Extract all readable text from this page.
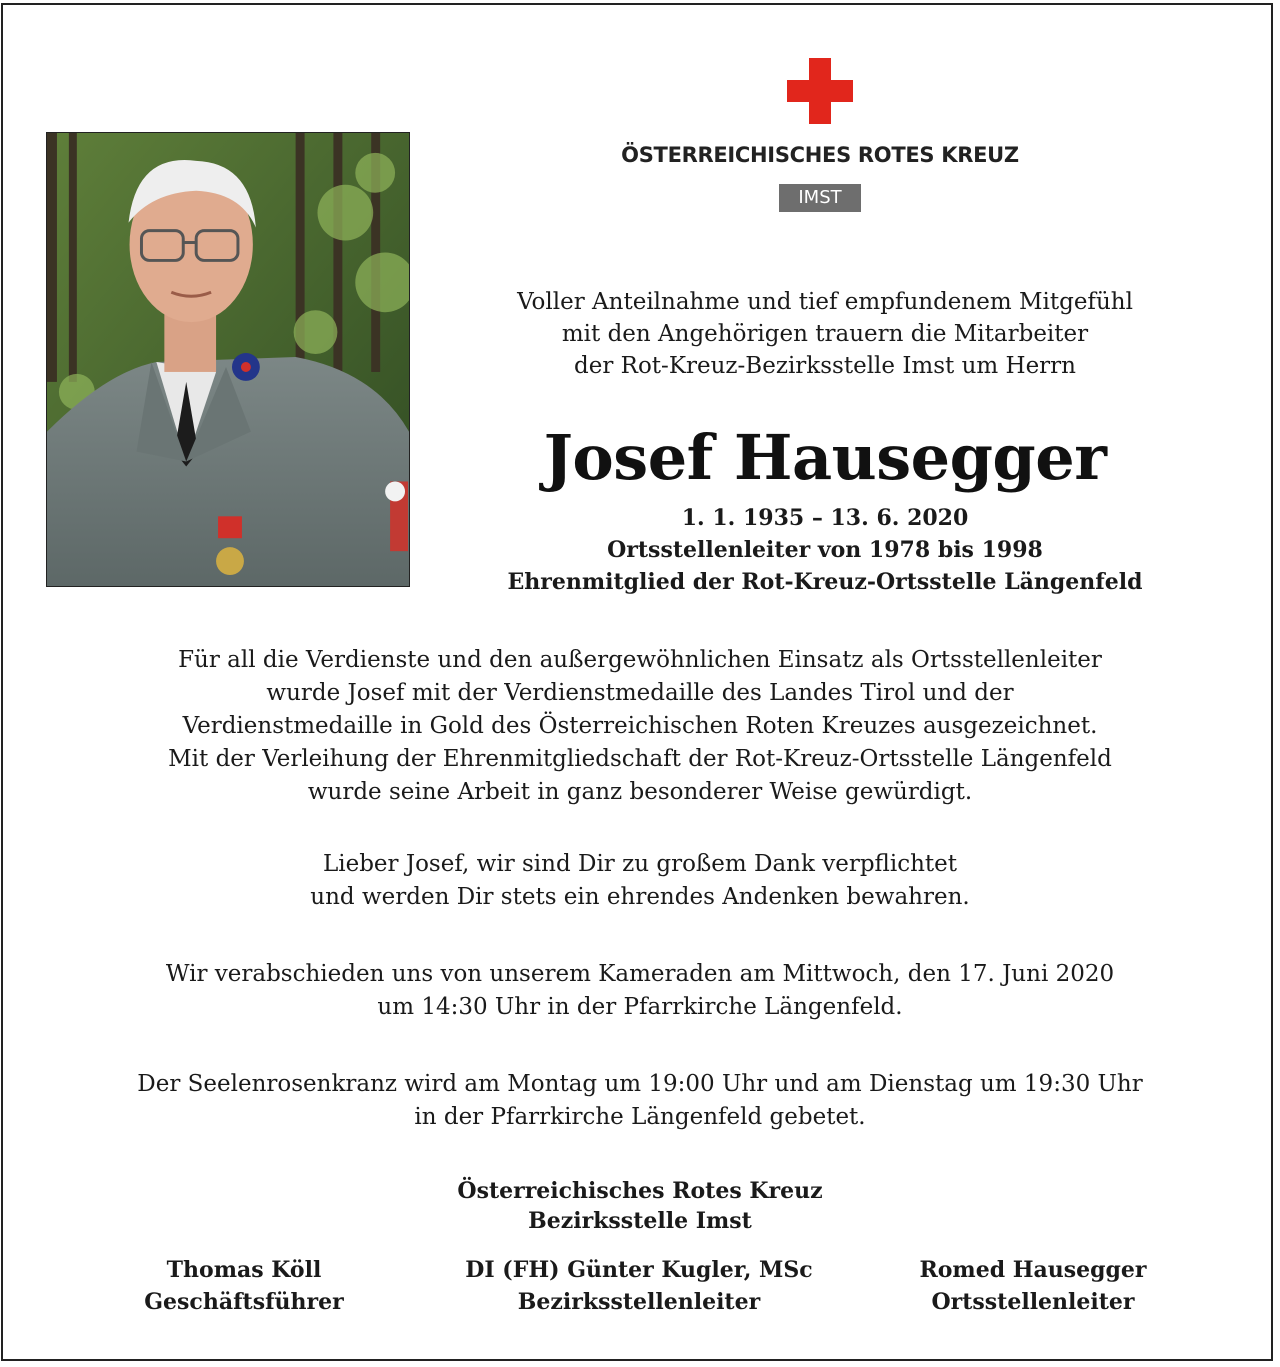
ÖSTERREICHISCHES ROTES KREUZ
IMST
Voller Anteilnahme und tief empfundenem Mitgefühl
mit den Angehörigen trauern die Mitarbeiter
der Rot-Kreuz-Bezirksstelle Imst um Herrn
Josef Hausegger
1. 1. 1935 – 13. 6. 2020
Ortsstellenleiter von 1978 bis 1998
Ehrenmitglied der Rot-Kreuz-Ortsstelle Längenfeld
Für all die Verdienste und den außergewöhnlichen Einsatz als Ortsstellenleiter
wurde Josef mit der Verdienstmedaille des Landes Tirol und der
Verdienstmedaille in Gold des Österreichischen Roten Kreuzes ausgezeichnet.
Mit der Verleihung der Ehrenmitgliedschaft der Rot-Kreuz-Ortsstelle Längenfeld
wurde seine Arbeit in ganz besonderer Weise gewürdigt.
Lieber Josef, wir sind Dir zu großem Dank verpflichtet
und werden Dir stets ein ehrendes Andenken bewahren.
Wir verabschieden uns von unserem Kameraden am Mittwoch, den 17. Juni 2020
um 14:30 Uhr in der Pfarrkirche Längenfeld.
Der Seelenrosenkranz wird am Montag um 19:00 Uhr und am Dienstag um 19:30 Uhr
in der Pfarrkirche Längenfeld gebetet.
Österreichisches Rotes Kreuz
Bezirksstelle Imst
Thomas Köll
Geschäftsführer
DI (FH) Günter Kugler, MSc
Bezirksstellenleiter
Romed Hausegger
Ortsstellenleiter
